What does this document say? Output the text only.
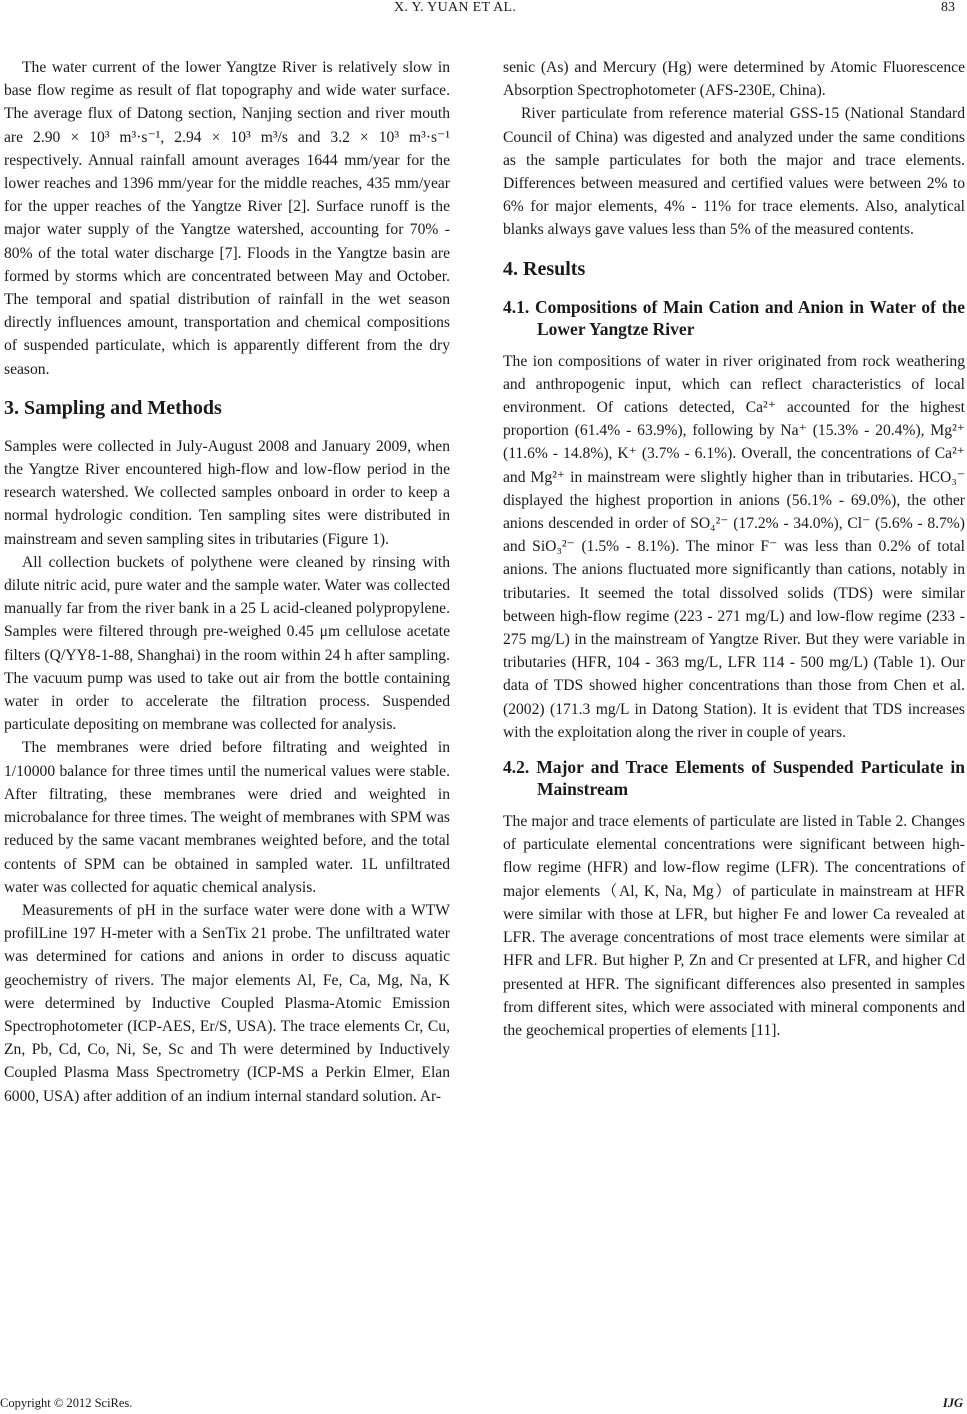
X. Y. YUAN ET AL.	83

The water current of the lower Yangtze River is relatively slow in base flow regime as result of flat topography and wide water surface. The average flux of Datong section, Nanjing section and river mouth are 2.90 × 10³ m³·s⁻¹, 2.94 × 10³ m³/s and 3.2 × 10³ m³·s⁻¹ respectively. Annual rainfall amount averages 1644 mm/year for the lower reaches and 1396 mm/year for the middle reaches, 435 mm/year for the upper reaches of the Yangtze River [2]. Surface runoff is the major water supply of the Yangtze watershed, accounting for 70% - 80% of the total water discharge [7]. Floods in the Yangtze basin are formed by storms which are concentrated between May and October. The temporal and spatial distribution of rainfall in the wet season directly influences amount, transportation and chemical compositions of suspended particulate, which is apparently different from the dry season.

3. Sampling and Methods

Samples were collected in July-August 2008 and January 2009, when the Yangtze River encountered high-flow and low-flow period in the research watershed. We collected samples onboard in order to keep a normal hydrologic condition. Ten sampling sites were distributed in mainstream and seven sampling sites in tributaries (Figure 1).

All collection buckets of polythene were cleaned by rinsing with dilute nitric acid, pure water and the sample water. Water was collected manually far from the river bank in a 25 L acid-cleaned polypropylene. Samples were filtered through pre-weighed 0.45 μm cellulose acetate filters (Q/YY8-1-88, Shanghai) in the room within 24 h after sampling. The vacuum pump was used to take out air from the bottle containing water in order to accelerate the filtration process. Suspended particulate depositing on membrane was collected for analysis.

The membranes were dried before filtrating and weighted in 1/10000 balance for three times until the numerical values were stable. After filtrating, these membranes were dried and weighted in microbalance for three times. The weight of membranes with SPM was reduced by the same vacant membranes weighted before, and the total contents of SPM can be obtained in sampled water. 1L unfiltrated water was collected for aquatic chemical analysis.

Measurements of pH in the surface water were done with a WTW profilLine 197 H-meter with a SenTix 21 probe. The unfiltrated water was determined for cations and anions in order to discuss aquatic geochemistry of rivers. The major elements Al, Fe, Ca, Mg, Na, K were determined by Inductive Coupled Plasma-Atomic Emission Spectrophotometer (ICP-AES, Er/S, USA). The trace elements Cr, Cu, Zn, Pb, Cd, Co, Ni, Se, Sc and Th were determined by Inductively Coupled Plasma Mass Spectrometry (ICP-MS a Perkin Elmer, Elan 6000, USA) after addition of an indium internal standard solution. Ar-

senic (As) and Mercury (Hg) were determined by Atomic Fluorescence Absorption Spectrophotometer (AFS-230E, China).

River particulate from reference material GSS-15 (National Standard Council of China) was digested and analyzed under the same conditions as the sample particulates for both the major and trace elements. Differences between measured and certified values were between 2% to 6% for major elements, 4% - 11% for trace elements. Also, analytical blanks always gave values less than 5% of the measured contents.

4. Results
4.1. Compositions of Main Cation and Anion in Water of the Lower Yangtze River

The ion compositions of water in river originated from rock weathering and anthropogenic input, which can reflect characteristics of local environment. Of cations detected, Ca²⁺ accounted for the highest proportion (61.4% - 63.9%), following by Na⁺ (15.3% - 20.4%), Mg²⁺ (11.6% - 14.8%), K⁺ (3.7% - 6.1%). Overall, the concentrations of Ca²⁺ and Mg²⁺ in mainstream were slightly higher than in tributaries. HCO₃⁻ displayed the highest proportion in anions (56.1% - 69.0%), the other anions descended in order of SO₄²⁻ (17.2% - 34.0%), Cl⁻ (5.6% - 8.7%) and SiO₃²⁻ (1.5% - 8.1%). The minor F⁻ was less than 0.2% of total anions. The anions fluctuated more significantly than cations, notably in tributaries. It seemed the total dissolved solids (TDS) were similar between high-flow regime (223 - 271 mg/L) and low-flow regime (233 - 275 mg/L) in the mainstream of Yangtze River. But they were variable in tributaries (HFR, 104 - 363 mg/L, LFR 114 - 500 mg/L) (Table 1). Our data of TDS showed higher concentrations than those from Chen et al. (2002) (171.3 mg/L in Datong Station). It is evident that TDS increases with the exploitation along the river in couple of years.

4.2. Major and Trace Elements of Suspended Particulate in Mainstream

The major and trace elements of particulate are listed in Table 2. Changes of particulate elemental concentrations were significant between high-flow regime (HFR) and low-flow regime (LFR). The concentrations of major elements（Al, K, Na, Mg）of particulate in mainstream at HFR were similar with those at LFR, but higher Fe and lower Ca revealed at LFR. The average concentrations of most trace elements were similar at HFR and LFR. But higher P, Zn and Cr presented at LFR, and higher Cd presented at HFR. The significant differences also presented in samples from different sites, which were associated with mineral components and the geochemical properties of elements [11].

Copyright © 2012 SciRes.	IJG
